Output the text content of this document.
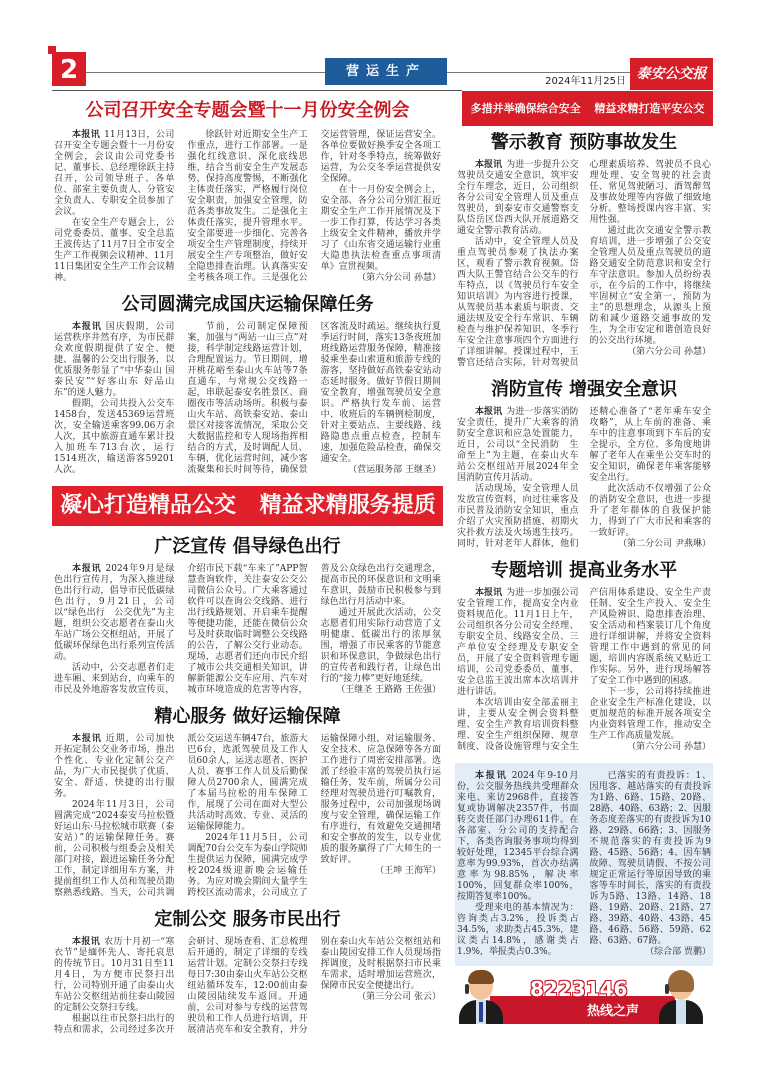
2	营运生产
2024年11月25日 泰安公交报
多措并举确保综合安全 精益求精打造平安公交
公司召开安全专题会暨十一月份安全例会

本报讯 11月13日，公司召开安全专题会暨十一月份安全例会，会议由公司党委书记、董事长、总经理徐跃主持召开，公司领导班子、各单位、部室主要负责人、分管安全负责人、专职安全员参加了会议。

在安全生产专题会上，公司党委委员、董事、安全总监王波传达了11月7日全市安全生产工作视频会议精神、11月11日集团安全生产工作会议精神。

徐跃针对近期安全生产工作重点，进行工作部署。一是强化红线意识、深化底线思维，结合当前安全生产发展态势，保持高度警惕，不断强化主体责任落实，严格履行岗位安全职责，加强安全管理，防范各类事故发生。二是强化主体责任落实，提升管理水平。安全部要进一步细化、完善各项安全生产管理制度，持续开展安全生产专项整治，做好安全隐患排查治理。认真落实安全考核各项工作。三是强化公交运营管理，保证运营安全。各单位要做好换季安全各项工作，针对冬季特点，统筹做好运营，为公交冬季运营提供安全保障。

在十一月份安全例会上，安全部、各分公司分别汇报近期安全生产工作开展情况及下一步工作打算，传达学习各类上级安全文件精神，播放并学习了《山东省交通运输行业重大隐患执法检查重点事项清单》宣贯视频。

（第六分公司 孙慧）

公司圆满完成国庆运输保障任务

本报讯 国庆假期，公司运营秩序井然有序，为市民群众欢度假期提供了安全、便捷、温馨的公交出行服务，以优质服务彰显了“中华泰山 国泰民安”“好客山东 好品山东”的迷人魅力。

假期，公司共投入公交车1458台，发送45369运营班次，安全输送乘客99.06万余人次，其中旅游直通车累计投入加班车713台次，运行1514班次，输送游客59201人次。

节前，公司制定保障预案，加强与“两站一山三点”对接，科学制定线路运营计划，合理配置运力。节日期间，增开桃花峪至泰山火车站等7条直通车，与常规公交线路一起，串联起泰安名胜景区、商圈夜市等活动场所。积极与泰山火车站、高铁泰安站、泰山景区对接客流情况，采取公交大数据监控和专人现场指挥相结合的方式，及时调配人员、车辆，优化运营时间，减少客流聚集和长时间等待，确保景区客流及时疏运。继续执行夏季运行时间，落实13条夜班加班线路运营服务保障，精准接驳乘坐泰山索道和旅游专线的游客，坚持做好高铁泰安站动态延时服务。做好节假日期间安全教育，增强驾驶员安全意识。严格执行发车前、运营中、收班后的车辆例检制度，针对主要站点、主要线路、线路隐患点重点检查，控制车速，加强危险品检查，确保交通安全。

（营运服务部 王继圣）

凝心打造精品公交 精益求精服务提质
广泛宣传 倡导绿色出行

本报讯 2024年9月是绿色出行宣传月，为深入推进绿色出行行动，倡导市民低碳绿色出行，9月21日，公司以“绿色出行　公交优先”为主题，组织公交志愿者在泰山火车站广场公交枢纽站，开展了低碳环保绿色出行系列宣传活动。

活动中，公交志愿者们走进车厢、来到站台，向乘车的市民及外地游客发放宣传页，介绍市民下载“车来了”APP智慧查询软件，关注泰安公交公司微信公众号。广大乘客通过软件可以查询公交线路、进行出行线路规划、开启乘车提醒等便捷功能，还能在微信公众号及时获取临时调整公交线路的公告，了解公交行业动态。现场，志愿者们还向市民介绍了城市公共交通相关知识，讲解新能源公交车应用、汽车对城市环境造成的危害等内容，普及公众绿色出行交通理念，提高市民的环保意识和文明乘车意识，鼓励市民积极参与到绿色出行月活动中来。

通过开展此次活动，公交志愿者们用实际行动营造了文明健康、低碳出行的浓厚氛围，增强了市民乘客的节能意识和环保意识，争做绿色出行的宣传者和践行者，让绿色出行的“接力棒”更好地延续。

（王继圣 王路路 王佐强）

精心服务 做好运输保障

本报讯 近期，公司加快开拓定制公交业务市场，推出个性化、专业化定制公交产品，为广大市民提供了优质、安全、舒适、快捷的出行服务。

2024年11月3日，公司圆满完成“2024泰安马拉松暨好运山东·马拉松城市联赛（泰安站）”的运输保障任务。赛前，公司积极与组委会及相关部门对接，跟进运输任务分配工作，制定详细用车方案，并提前组织工作人员和驾驶员勘察熟悉线路。当天，公司共调派公交运送车辆47台，旅游大巴6台，选派驾驶员及工作人员60余人，运送志愿者、医护人员、赛事工作人员及后勤保障人员2700余人，圆满完成了本届马拉松的用车保障工作，展现了公司在面对大型公共活动时高效、专业、灵活的运输保障能力。

2024年11月5日，公司调配70台公交车为泰山学院师生提供运力保障，圆满完成学校2024级迎新晚会运输任务。为应对晚会期间大量学生跨校区流动需求，公司成立了运输保障小组，对运输服务、安全技术、应急保障等各方面工作进行了周密安排部署。选派了经验丰富的驾驶员执行运输任务，发车前，所属分公司经理对驾驶员进行叮嘱教育，服务过程中，公司加强现场调度与安全管理，确保运输工作有序进行，有效避免交通拥堵和安全事故的发生，以专业优质的服务赢得了广大师生的一致好评。

（王坤 王海军）

定制公交 服务市民出行

本报讯 农历十月初一“寒衣节”是缅怀先人、寄托哀思的传统节日。10月31日至11月4日，为方便市民祭扫出行，公司特别开通了由泰山火车站公交枢纽站前往泰山陵园的定制公交祭扫专线。

根据以往市民祭扫出行的特点和需求，公司经过多次开会研讨、现场查看、汇总梳理后开通的，制定了详细的专线运营计划。定制公交祭扫专线每日7:30由泰山火车站公交枢纽站循环发车，12:00前由泰山陵园陆续发车返回。开通前，公司对参与专线的运营驾驶员和工作人员进行培训，开展清洁亮车和安全教育，并分别在泰山火车站公交枢纽站和泰山陵园安排工作人员现场指挥调度，及时根据祭扫市民乘车需求，适时增加运营班次，保障市民安全便捷出行。

（第三分公司 张云）

警示教育 预防事故发生

本报讯 为进一步提升公交驾驶员交通安全意识，筑牢安全行车理念，近日，公司组织各分公司安全管理人员及重点驾驶员，到泰安市交通警察支队岱岳区岱西大队开展道路交通安全警示教育活动。

活动中，安全管理人员及重点驾驶员参观了执法办案区，观看了警示教育视频。岱西大队王警官结合公交车的行车特点，以《驾驶员行车安全知识培训》为内容进行授课，从驾驶员基本素质与职责、交通法规及安全行车常识、车辆检查与维护保养知识、冬季行车安全注意事项四个方面进行了详细讲解。授课过程中，王警官还结合实际，针对驾驶员心理素质培养、驾驶员不良心理处理、安全驾驶的社会责任、常见驾驶陋习、酒驾醉驾及事故处理等内容做了细致地分析。整场授课内容丰富、实用性强。

通过此次交通安全警示教育培训，进一步增强了公交安全管理人员及重点驾驶员的道路交通安全防范意识和安全行车守法意识。参加人员纷纷表示，在今后的工作中，将继续牢固树立“安全第一，预防为主”的思想理念，从源头上预防和减少道路交通事故的发生，为全市安定和谐创造良好的公交出行环境。

（第六分公司 孙慧）

消防宣传 增强安全意识

本报讯 为进一步落实消防安全责任，提升广大乘客的消防安全意识和应急处置能力，近日，公司以“全民消防　生命至上”为主题，在泰山火车站公交枢纽站开展2024年全国消防宣传月活动。

活动现场，安全管理人员发放宣传资料，向过往乘客及市民普及消防安全知识，重点介绍了火灾预防措施、初期火灾扑救方法及火场逃生技巧。同时，针对老年人群体，他们还精心准备了“老年乘车安全攻略”，从上车前的准备、乘车中的注意事项到下车后的安全提示，全方位、多角度地讲解了老年人在乘坐公交车时的安全知识，确保老年乘客能够安全出行。

此次活动不仅增强了公众的消防安全意识，也进一步提升了老年群体的自我保护能力，得到了广大市民和乘客的一致好评。

（第二分公司 尹燕琳）

专题培训 提高业务水平

本报讯 为进一步加强公司安全管理工作，提高安全内业资料规范化。11月1日上午，公司组织各分公司安全经理、专职安全员、线路安全员、三产单位安全经理及专职安全员，开展了安全资料管理专题培训，公司党委委员、董事、安全总监王波出席本次培训并进行讲话。

本次培训由安全部孟丽主讲，主要从安全例会资料整理、安全生产教育培训资料整理、安全生产组织保障、规章制度、设备设施管理与安全生产信用体系建设、安全生产责任制、安全生产投入、安全生产风险辨识、隐患排查治理、安全活动和档案装订几个角度进行详细讲解，并将安全资料管理工作中遇到的常见的问题，培训内容既系统又贴近工作实际。另外，进行现场解答了安全工作中遇到的困惑。

下一步，公司将持续推进企业安全生产标准化建设，以更加规范的标准开展各项安全内业资料管理工作，推动安全生产工作高质量发展。

（第六分公司 孙慧）

本报讯 2024年9-10月份，公交服务热线共受理群众来电、来访2968件，直接答复或协调解决2357件，书面转交责任部门办理611件。在各部室、分公司的支持配合下，各类咨询服务事项均得到较好处理，12345平台综合满意率为99.93%，首次办结满意率为98.85%，解决率100%，回复群众率100%，按期答复率100%。

受理来电的基本情况为：咨询类占3.2%，投诉类占34.5%，求助类占45.3%，建议类占14.8%，感谢类占1.9%，举报类占0.3%。

已落实的有责投诉：1、因甩客、越站落实的有责投诉为1路、6路、15路、20路、28路、40路、63路；2、因服务态度差落实的有责投诉为10路、29路、66路；3、因服务不规范落实的有责投诉为9路、45路、56路；4、因车辆故障、驾驶员请假、不按公司规定正常运行等原因导致的乘客等车时间长，落实的有责投诉为5路、13路、14路、18路、19路、20路、21路、27路、39路、40路、43路、45路、46路、56路、59路、62路、63路、67路。

（综合部 贾鹏）

8223146
热线之声
